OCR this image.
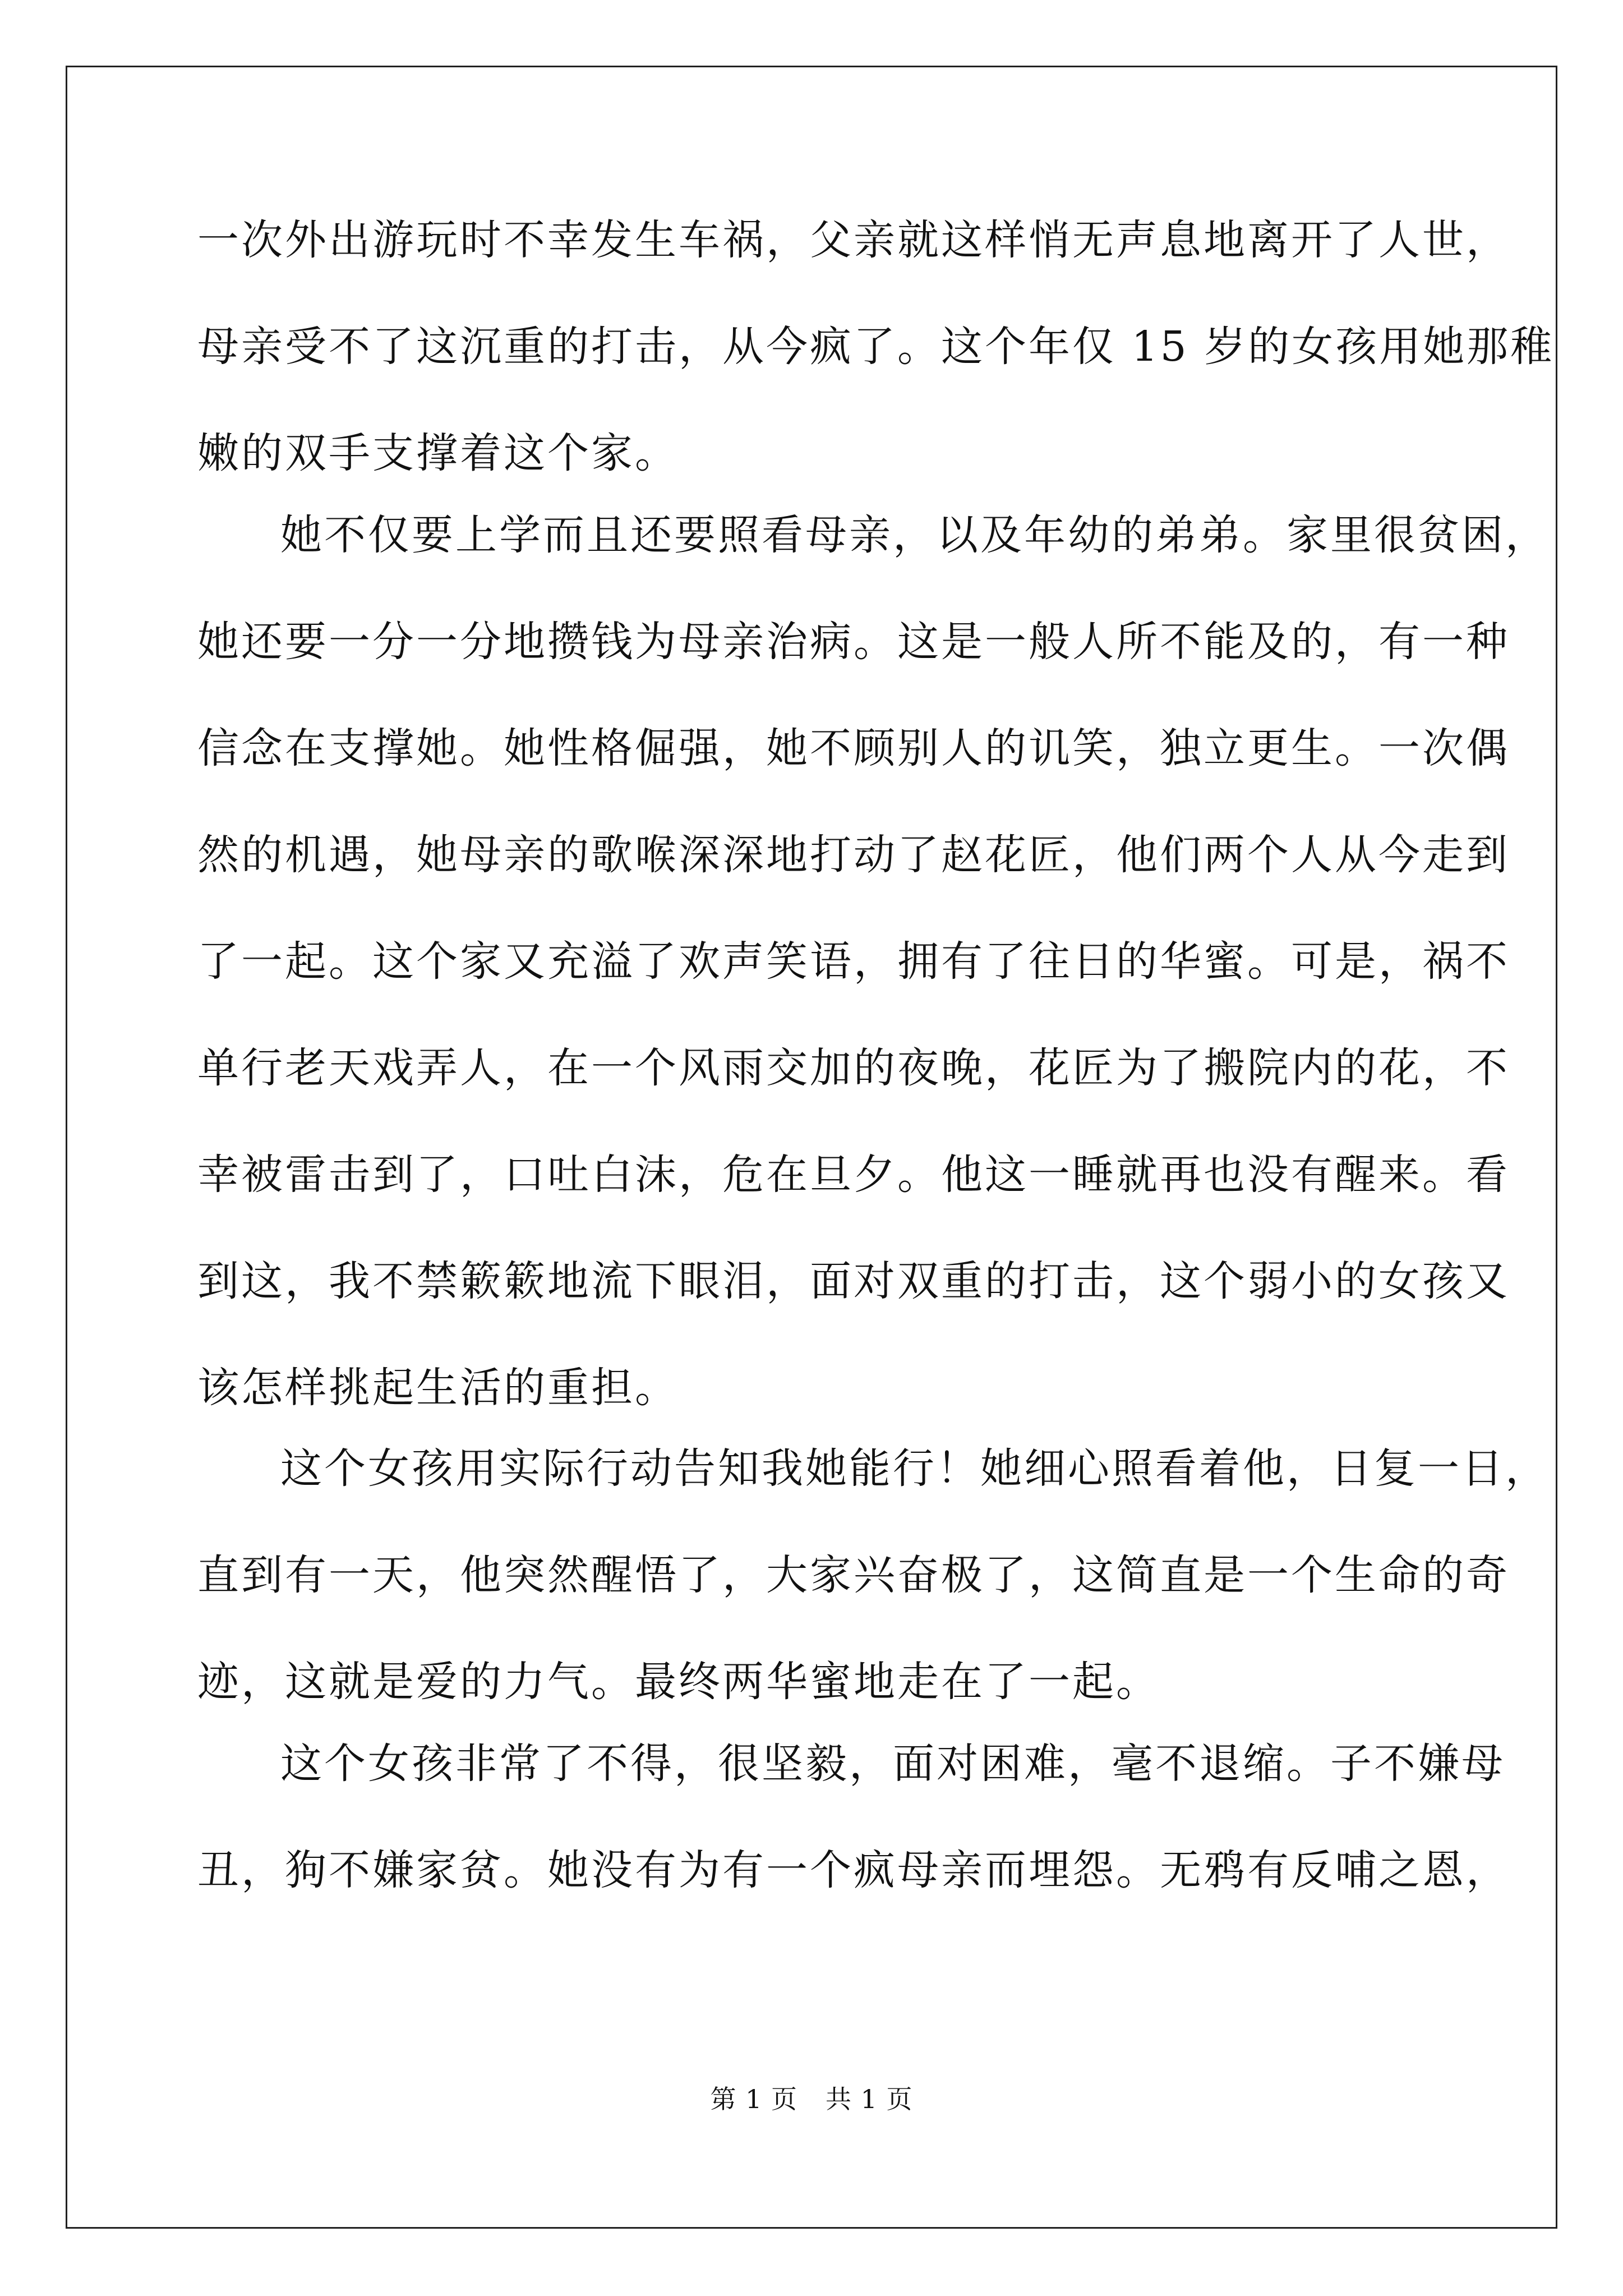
一次外出游玩时不幸发生车祸，父亲就这样悄无声息地离开了人世，
母亲受不了这沉重的打击，从今疯了。这个年仅 15 岁的女孩用她那稚
嫩的双手支撑着这个家。
她不仅要上学而且还要照看母亲，以及年幼的弟弟。家里很贫困，
她还要一分一分地攒钱为母亲治病。这是一般人所不能及的，有一种
信念在支撑她。她性格倔强，她不顾别人的讥笑，独立更生。一次偶
然的机遇，她母亲的歌喉深深地打动了赵花匠，他们两个人从今走到
了一起。这个家又充溢了欢声笑语，拥有了往日的华蜜。可是，祸不
单行老天戏弄人，在一个风雨交加的夜晚，花匠为了搬院内的花，不
幸被雷击到了，口吐白沫，危在旦夕。他这一睡就再也没有醒来。看
到这，我不禁簌簌地流下眼泪，面对双重的打击，这个弱小的女孩又
该怎样挑起生活的重担。
这个女孩用实际行动告知我她能行！她细心照看着他，日复一日，
直到有一天，他突然醒悟了，大家兴奋极了，这简直是一个生命的奇
迹，这就是爱的力气。最终两华蜜地走在了一起。
这个女孩非常了不得，很坚毅，面对困难，毫不退缩。子不嫌母
丑，狗不嫌家贫。她没有为有一个疯母亲而埋怨。无鸦有反哺之恩，
第 1 页 共 1 页
